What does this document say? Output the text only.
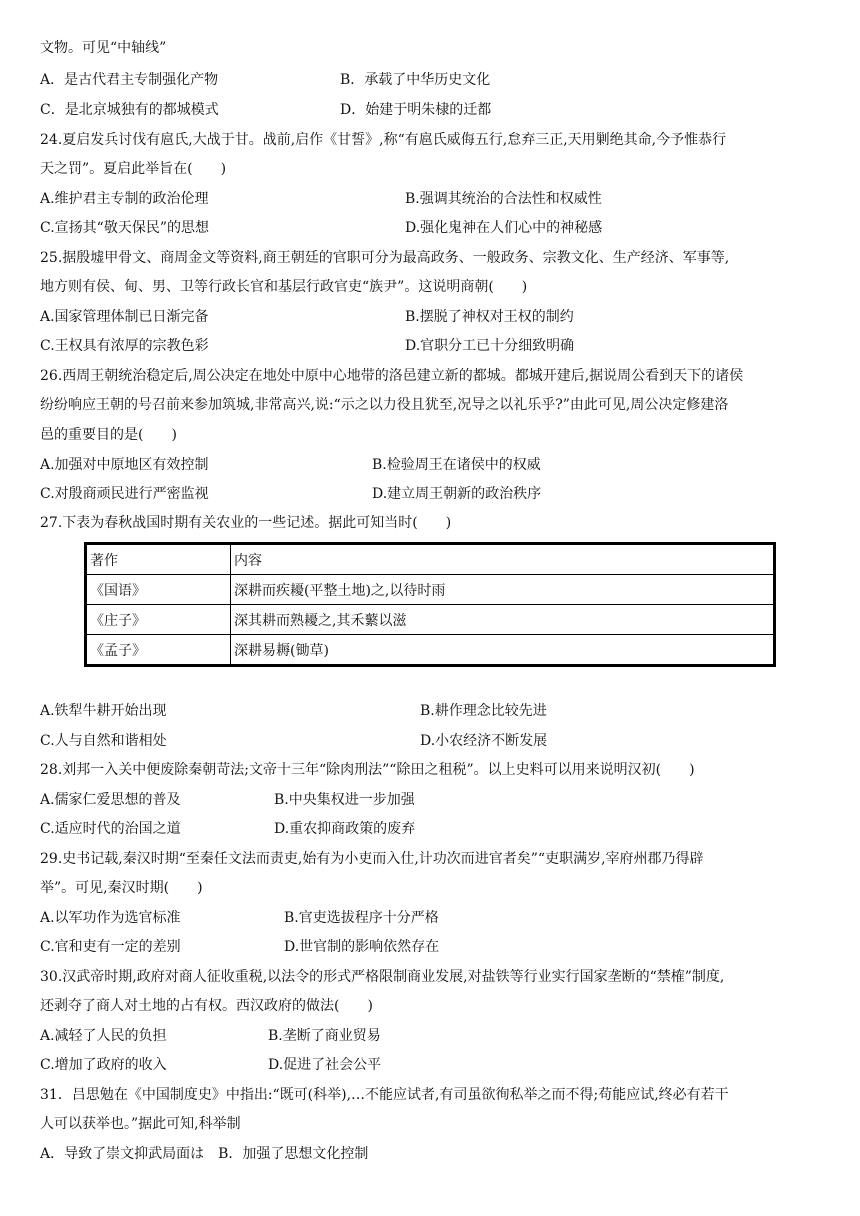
文物。可见“中轴线”
A．是古代君主专制强化产物	B．承载了中华历史文化
C．是北京城独有的都城模式	D．始建于明朱棣的迁都
24.夏启发兵讨伐有扈氏,大战于甘。战前,启作《甘誓》,称“有扈氏威侮五行,怠弃三正,天用剿绝其命,今予惟恭行
天之罚”。夏启此举旨在(　　)
A.维护君主专制的政治伦理	B.强调其统治的合法性和权威性
C.宣扬其“敬天保民”的思想	D.强化鬼神在人们心中的神秘感
25.据殷墟甲骨文、商周金文等资料,商王朝廷的官职可分为最高政务、一般政务、宗教文化、生产经济、军事等,
地方则有侯、甸、男、卫等行政长官和基层行政官吏“族尹”。这说明商朝(　　)
A.国家管理体制已日渐完备	B.摆脱了神权对王权的制约
C.王权具有浓厚的宗教色彩	D.官职分工已十分细致明确
26.西周王朝统治稳定后,周公决定在地处中原中心地带的洛邑建立新的都城。都城开建后,据说周公看到天下的诸侯
纷纷响应王朝的号召前来参加筑城,非常高兴,说:“示之以力役且犹至,况导之以礼乐乎?”由此可见,周公决定修建洛
邑的重要目的是(　　)
A.加强对中原地区有效控制	B.检验周王在诸侯中的权威
C.对殷商顽民进行严密监视	D.建立周王朝新的政治秩序
27.下表为春秋战国时期有关农业的一些记述。据此可知当时(　　)
著作	内容
《国语》	深耕而疾耰(平整土地)之,以待时雨
《庄子》	深其耕而熟耰之,其禾蘩以滋
《孟子》	深耕易耨(锄草)
A.铁犁牛耕开始出现	B.耕作理念比较先进
C.人与自然和谐相处	D.小农经济不断发展
28.刘邦一入关中便废除秦朝苛法;文帝十三年“除肉刑法”“除田之租税”。以上史料可以用来说明汉初(　　)
A.儒家仁爱思想的普及	B.中央集权进一步加强
C.适应时代的治国之道	D.重农抑商政策的废弃
29.史书记载,秦汉时期“至秦任文法而责吏,始有为小吏而入仕,计功次而进官者矣”“吏职满岁,宰府州郡乃得辟
举”。可见,秦汉时期(　　)
A.以军功作为选官标准	B.官吏选拔程序十分严格
C.官和吏有一定的差别	D.世官制的影响依然存在
30.汉武帝时期,政府对商人征收重税,以法令的形式严格限制商业发展,对盐铁等行业实行国家垄断的“禁榷”制度,
还剥夺了商人对土地的占有权。西汉政府的做法(　　)
A.减轻了人民的负担	B.垄断了商业贸易
C.增加了政府的收入	D.促进了社会公平
31．吕思勉在《中国制度史》中指出:“既可(科举),…不能应试者,有司虽欲徇私举之而不得;苟能应试,终必有若干
人可以获举也。”据此可知,科举制
A．导致了崇文抑武局面は　B．加强了思想文化控制
